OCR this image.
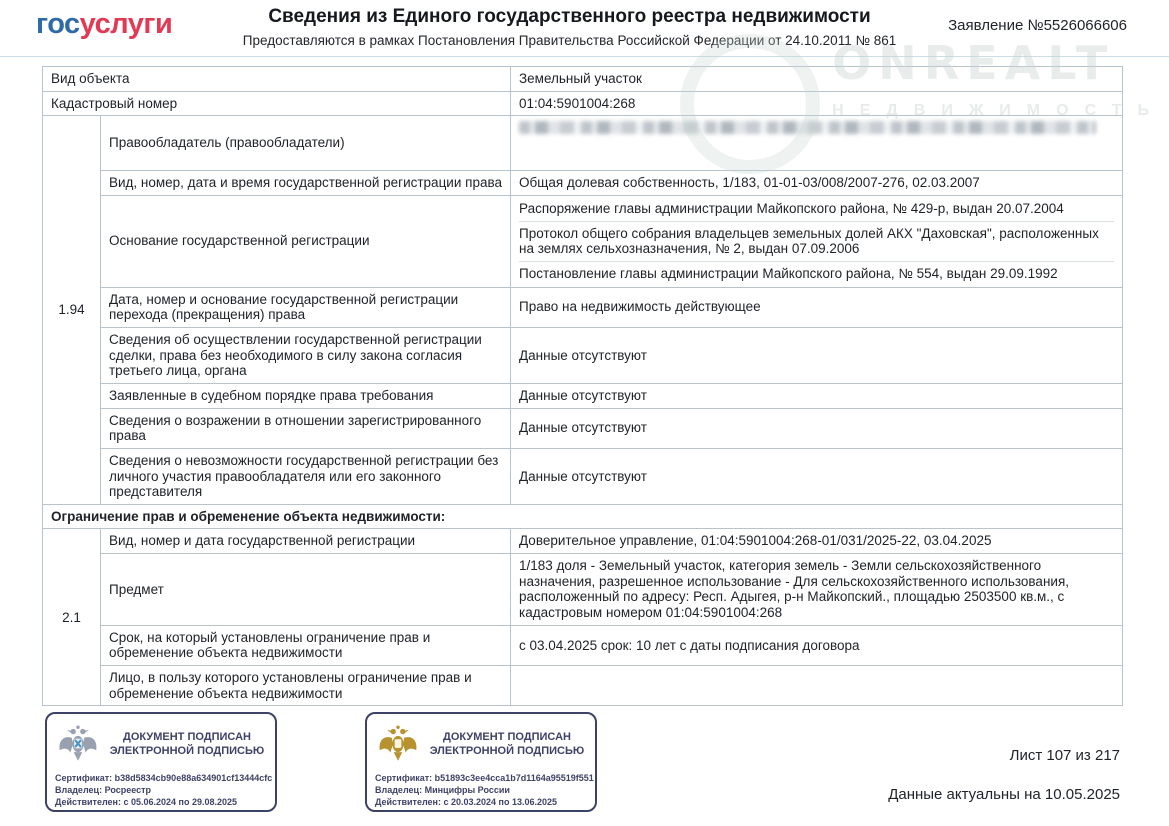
госуслуги	Сведения из Единого государственного реестра недвижимости
Предоставляются в рамках Постановления Правительства Российской Федерации от 24.10.2011 № 861
Заявление №5526066606
ONREALT
НЕДВИЖИМОСТЬ
Вид объекта		Земельный участок
Кадастровый номер		01:04:5901004:268
1.94	Правообладатель (правообладатели)	

	Вид, номер, дата и время государственной регистрации права	Общая долевая собственность, 1/183, 01-01-03/008/2007-276, 02.03.2007
	Основание государственной регистрации	Распоряжение главы администрации Майкопского района, № 429-р, выдан 20.07.2004
Протокол общего собрания владельцев земельных долей АКХ "Даховская", расположенных на землях сельхозназначения, № 2, выдан 07.09.2006
Постановление главы администрации Майкопского района, № 554, выдан 29.09.1992

	Дата, номер и основание государственной регистрации перехода (прекращения) права	Право на недвижимость действующее
	Сведения об осуществлении государственной регистрации сделки, права без необходимого в силу закона согласия третьего лица, органа	Данные отсутствуют
	Заявленные в судебном порядке права требования	Данные отсутствуют
	Сведения о возражении в отношении зарегистрированного права	Данные отсутствуют
	Сведения о невозможности государственной регистрации без личного участия правообладателя или его законного представителя	Данные отсутствуют
Ограничение прав и обременение объекта недвижимости:		
2.1	Вид, номер и дата государственной регистрации	Доверительное управление, 01:04:5901004:268-01/031/2025-22, 03.04.2025
	Предмет	1/183 доля - Земельный участок, категория земель - Земли сельскохозяйственного назначения, разрешенное использование - Для сельскохозяйственного использования, расположенный по адресу: Респ. Адыгея, р-н Майкопский., площадью 2503500 кв.м., с кадастровым номером 01:04:5901004:268
	Срок, на который установлены ограничение прав и обременение объекта недвижимости	с 03.04.2025 срок: 10 лет с даты подписания договора
	Лицо, в пользу которого установлены ограничение прав и обременение объекта недвижимости	
ДОКУМЕНТ ПОДПИСАН ЭЛЕКТРОННОЙ ПОДПИСЬЮ
Сертификат: b38d5834cb90e88a634901cf13444cfc
Владелец: Росреестр
Действителен: с 05.06.2024 по 29.08.2025
ДОКУМЕНТ ПОДПИСАН ЭЛЕКТРОННОЙ ПОДПИСЬЮ
Сертификат: b51893c3ee4cca1b7d1164a95519f551
Владелец: Минцифры России
Действителен: с 20.03.2024 по 13.06.2025
Лист 107 из 217
Данные актуальны на 10.05.2025
